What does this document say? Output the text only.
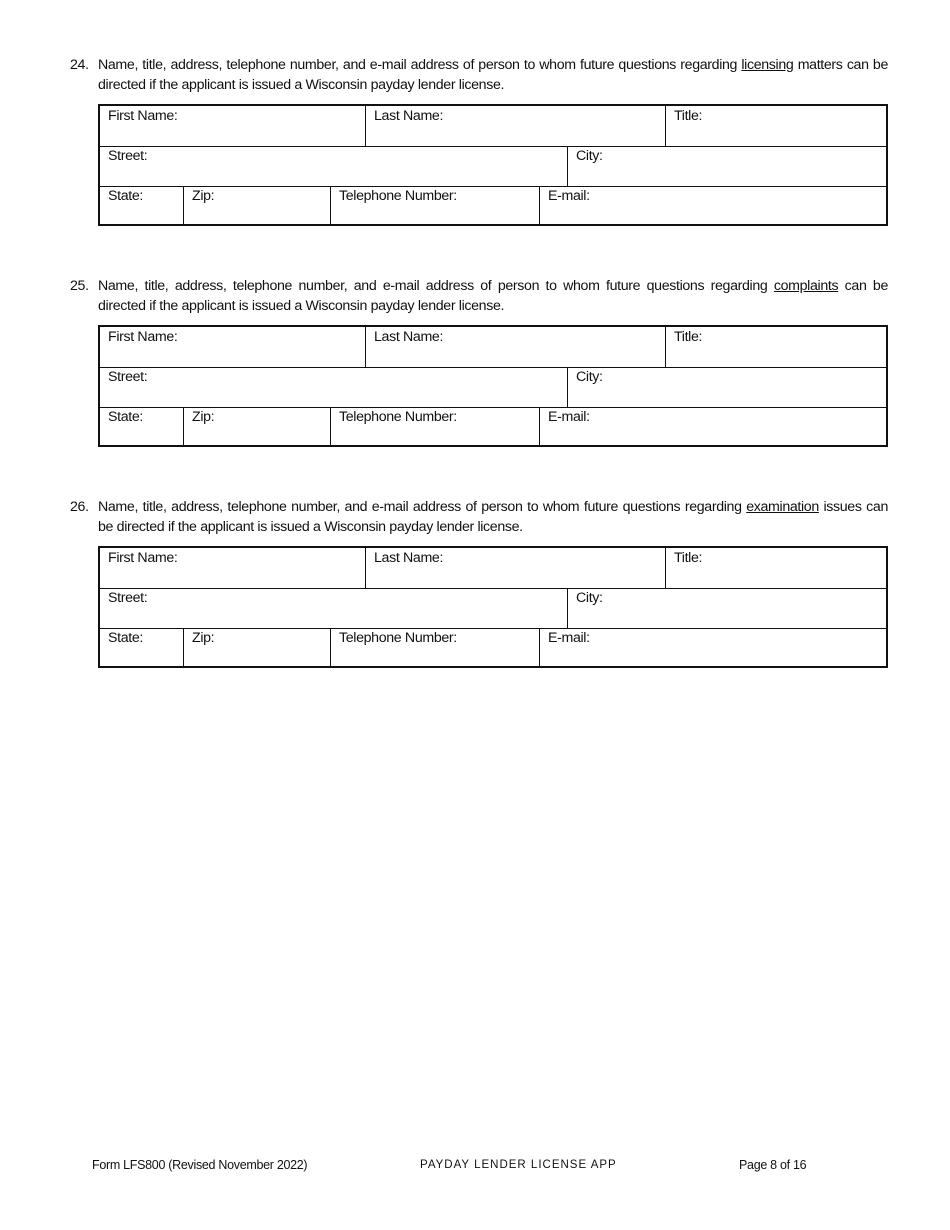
24. Name, title, address, telephone number, and e-mail address of person to whom future questions regarding licensing matters can be directed if the applicant is issued a Wisconsin payday lender license.

First Name:	Last Name:	Title:
Street:	City:
State:	Zip:	Telephone Number:	E-mail:

25. Name, title, address, telephone number, and e-mail address of person to whom future questions regarding complaints can be directed if the applicant is issued a Wisconsin payday lender license.

First Name:	Last Name:	Title:
Street:	City:
State:	Zip:	Telephone Number:	E-mail:

26. Name, title, address, telephone number, and e-mail address of person to whom future questions regarding examination issues can be directed if the applicant is issued a Wisconsin payday lender license.

First Name:	Last Name:	Title:
Street:	City:
State:	Zip:	Telephone Number:	E-mail:
Form LFS800 (Revised November 2022)	PAYDAY LENDER LICENSE APP	Page 8 of 16
